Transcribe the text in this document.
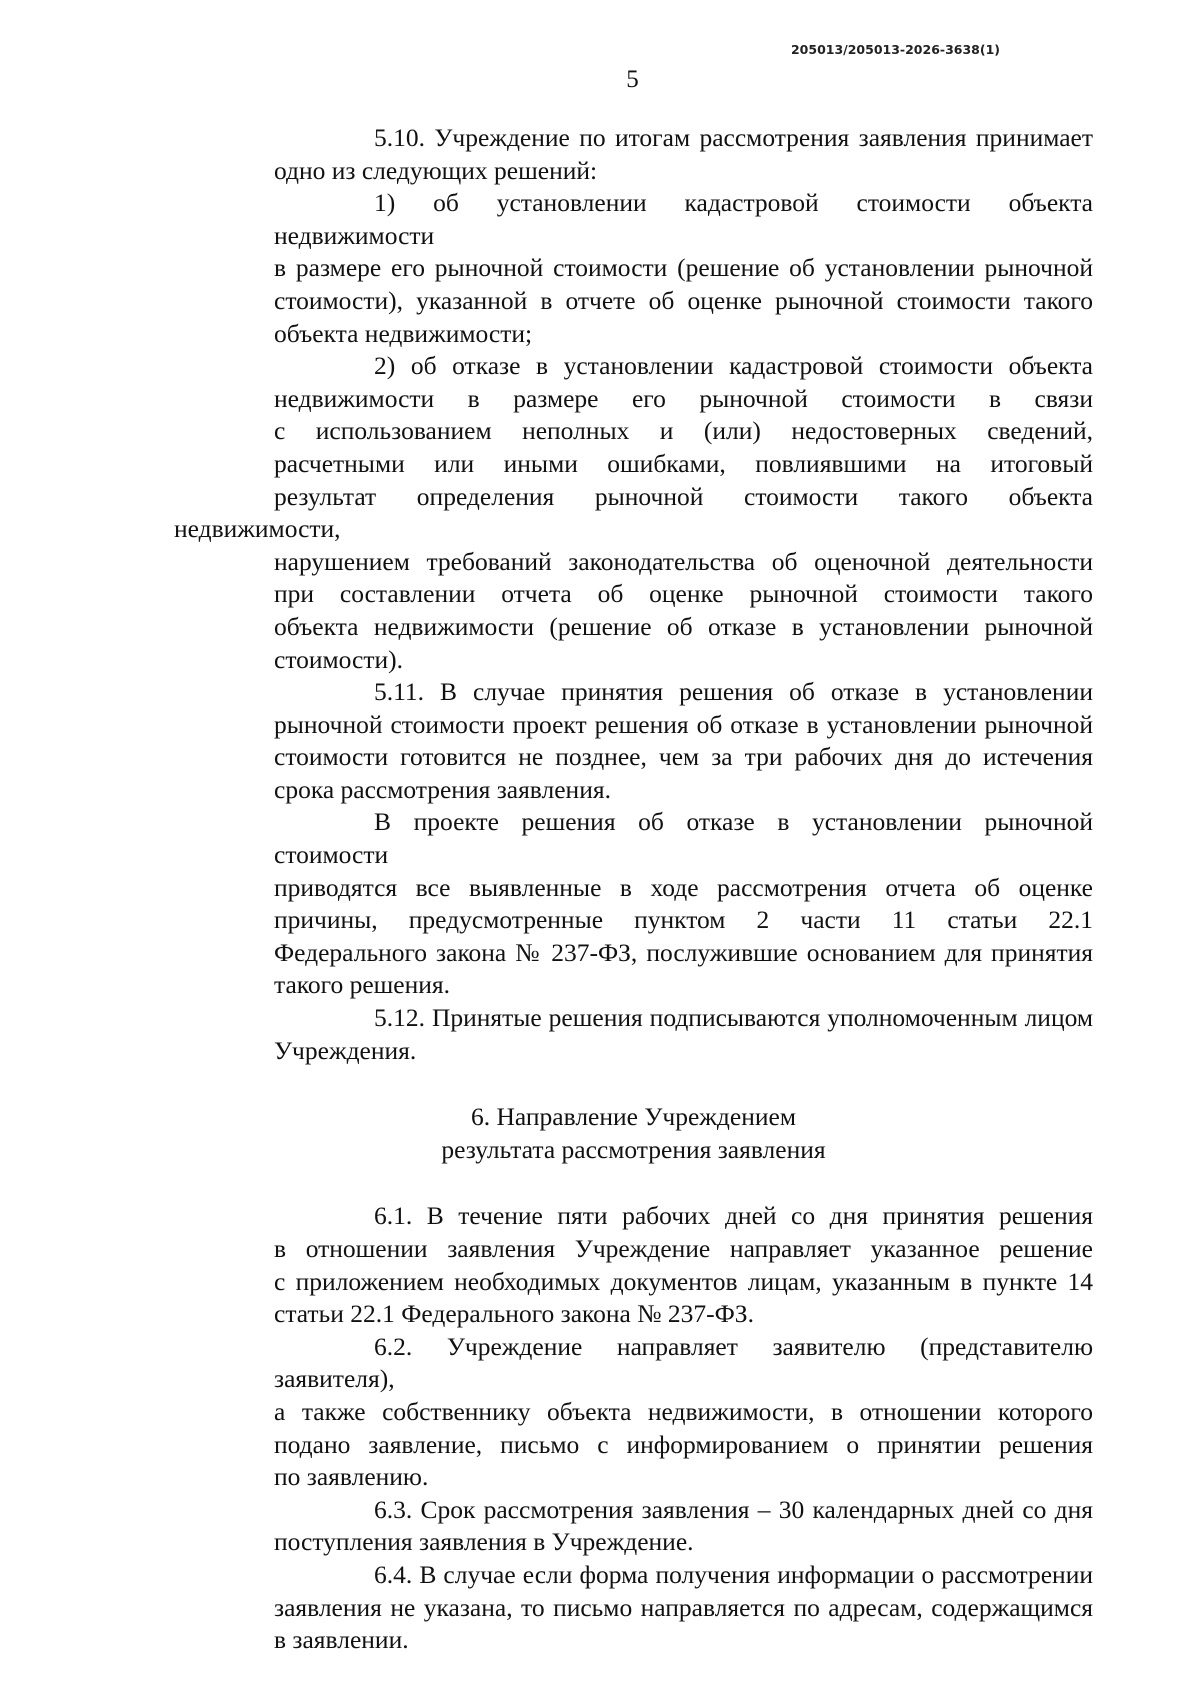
205013/205013-2026-3638(1)
5
5.10. Учреждение по итогам рассмотрения заявления принимает
одно из следующих решений:
1) об установлении кадастровой стоимости объекта недвижимости
в размере его рыночной стоимости (решение об установлении рыночной
стоимости), указанной в отчете об оценке рыночной стоимости такого
объекта недвижимости;
2) об отказе в установлении кадастровой стоимости объекта
недвижимости в размере его рыночной стоимости в связи
с использованием неполных и (или) недостоверных сведений,
расчетными или иными ошибками, повлиявшими на итоговый
результат определения рыночной стоимости такого объекта недвижимости,
нарушением требований законодательства об оценочной деятельности
при составлении отчета об оценке рыночной стоимости такого
объекта недвижимости (решение об отказе в установлении рыночной
стоимости).
5.11. В случае принятия решения об отказе в установлении
рыночной стоимости проект решения об отказе в установлении рыночной
стоимости готовится не позднее, чем за три рабочих дня до истечения
срока рассмотрения заявления.
В проекте решения об отказе в установлении рыночной стоимости
приводятся все выявленные в ходе рассмотрения отчета об оценке
причины, предусмотренные пунктом 2 части 11 статьи 22.1
Федерального закона № 237-ФЗ, послужившие основанием для принятия
такого решения.
5.12. Принятые решения подписываются уполномоченным лицом
Учреждения.
6. Направление Учреждением
результата рассмотрения заявления
6.1. В течение пяти рабочих дней со дня принятия решения
в отношении заявления Учреждение направляет указанное решение
с приложением необходимых документов лицам, указанным в пункте 14
статьи 22.1 Федерального закона № 237-ФЗ.
6.2. Учреждение направляет заявителю (представителю заявителя),
а также собственнику объекта недвижимости, в отношении которого
подано заявление, письмо с информированием о принятии решения
по заявлению.
6.3. Срок рассмотрения заявления – 30 календарных дней со дня
поступления заявления в Учреждение.
6.4. В случае если форма получения информации о рассмотрении
заявления не указана, то письмо направляется по адресам, содержащимся
в заявлении.
